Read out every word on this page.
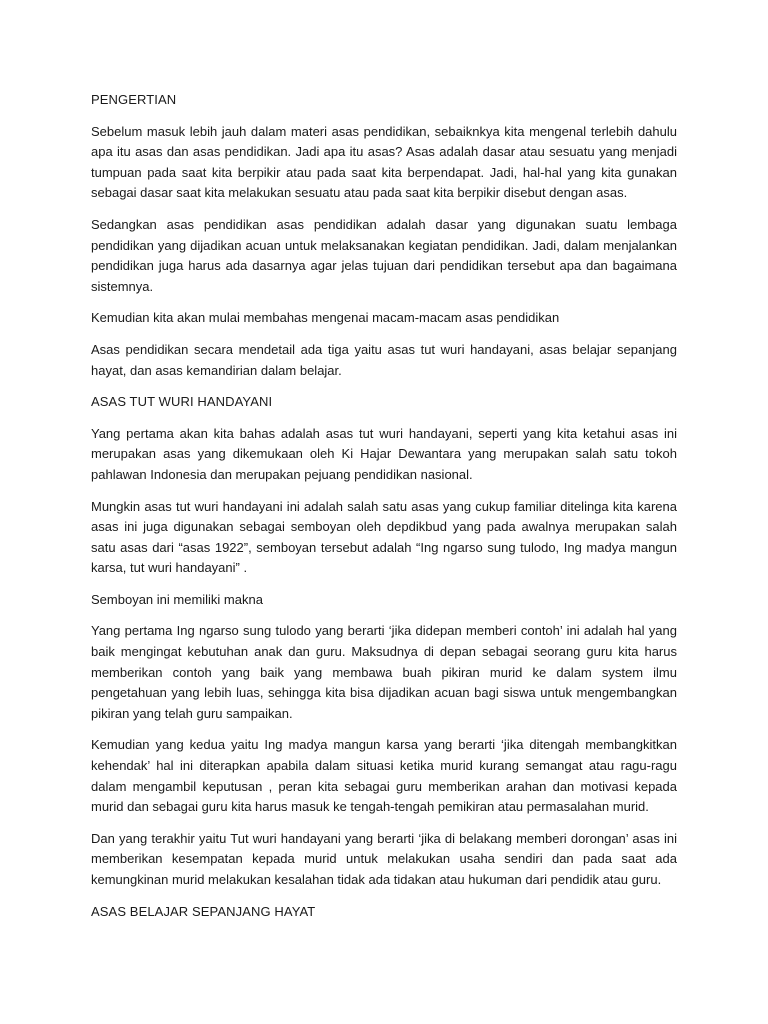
PENGERTIAN

Sebelum masuk lebih jauh dalam materi asas pendidikan, sebaiknkya kita mengenal terlebih dahulu apa itu asas dan asas pendidikan. Jadi apa itu asas? Asas adalah dasar atau sesuatu yang menjadi tumpuan pada saat kita berpikir atau pada saat kita berpendapat. Jadi, hal-hal yang kita gunakan sebagai dasar saat kita melakukan sesuatu atau pada saat kita berpikir disebut dengan asas.

Sedangkan asas pendidikan asas pendidikan adalah dasar yang digunakan suatu lembaga pendidikan yang dijadikan acuan untuk melaksanakan kegiatan pendidikan. Jadi, dalam menjalankan pendidikan juga harus ada dasarnya agar jelas tujuan dari pendidikan tersebut apa dan bagaimana sistemnya.

Kemudian kita akan mulai membahas mengenai macam-macam asas pendidikan

Asas pendidikan secara mendetail ada tiga yaitu asas tut wuri handayani, asas belajar sepanjang hayat, dan asas kemandirian dalam belajar.

ASAS TUT WURI HANDAYANI

Yang pertama akan kita bahas adalah asas tut wuri handayani, seperti yang kita ketahui asas ini merupakan asas yang dikemukaan oleh Ki Hajar Dewantara yang merupakan salah satu tokoh pahlawan Indonesia dan merupakan pejuang pendidikan nasional.

Mungkin asas tut wuri handayani ini adalah salah satu asas yang cukup familiar ditelinga kita karena asas ini juga digunakan sebagai semboyan oleh depdikbud yang pada awalnya merupakan salah satu asas dari “asas 1922”, semboyan tersebut adalah “Ing ngarso sung tulodo, Ing madya mangun karsa, tut wuri handayani” .

Semboyan ini memiliki makna

Yang pertama Ing ngarso sung tulodo yang berarti ‘jika didepan memberi contoh’ ini adalah hal yang baik mengingat kebutuhan anak dan guru. Maksudnya di depan sebagai seorang guru kita harus memberikan contoh yang baik yang membawa buah pikiran murid ke dalam system ilmu pengetahuan yang lebih luas, sehingga kita bisa dijadikan acuan bagi siswa untuk mengembangkan pikiran yang telah guru sampaikan.

Kemudian yang kedua yaitu Ing madya mangun karsa yang berarti ‘jika ditengah membangkitkan kehendak’ hal ini diterapkan apabila dalam situasi ketika murid kurang semangat atau ragu-ragu dalam mengambil keputusan , peran kita sebagai guru memberikan arahan dan motivasi kepada murid dan sebagai guru kita harus masuk ke tengah-tengah pemikiran atau permasalahan murid.

Dan yang terakhir yaitu Tut wuri handayani yang berarti ‘jika di belakang memberi dorongan’ asas ini memberikan kesempatan kepada murid untuk melakukan usaha sendiri dan pada saat ada kemungkinan murid melakukan kesalahan tidak ada tidakan atau hukuman dari pendidik atau guru.

ASAS BELAJAR SEPANJANG HAYAT
